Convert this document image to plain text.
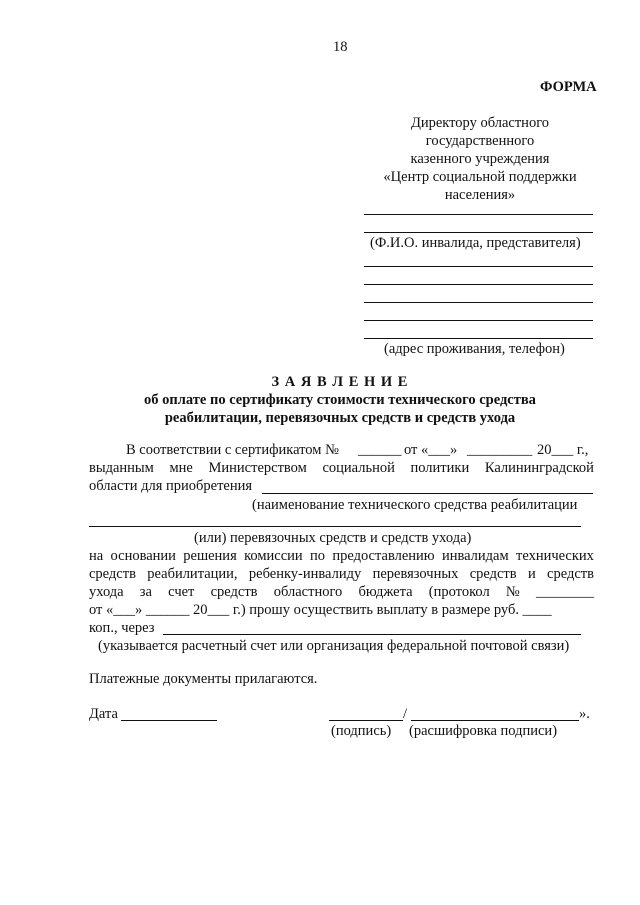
18
ФОРМА
Директору областного
государственного
казенного учреждения
«Центр социальной поддержки
населения»
(Ф.И.О. инвалида, представителя)
(адрес проживания, телефон)
З А Я В Л Е Н И Е
об оплате по сертификату стоимости технического средства
реабилитации, перевязочных средств и средств ухода
В соответствии с сертификатом № ______ от «___» _________ 20___ г.,
выданным мне Министерством социальной политики Калининградской
области для приобретения
(наименование технического средства реабилитации
(или) перевязочных средств и средств ухода)
на основании решения комиссии по предоставлению инвалидам технических
средств реабилитации, ребенку-инвалиду перевязочных средств и средств
ухода за счет средств областного бюджета (протокол № ________
от «___» ______ 20___ г.) прошу осуществить выплату в размере руб. ____
коп., через
(указывается расчетный счет или организация федеральной почтовой связи)
Платежные документы прилагаются.
Дата	/	».
(подпись) (расшифровка подписи)
